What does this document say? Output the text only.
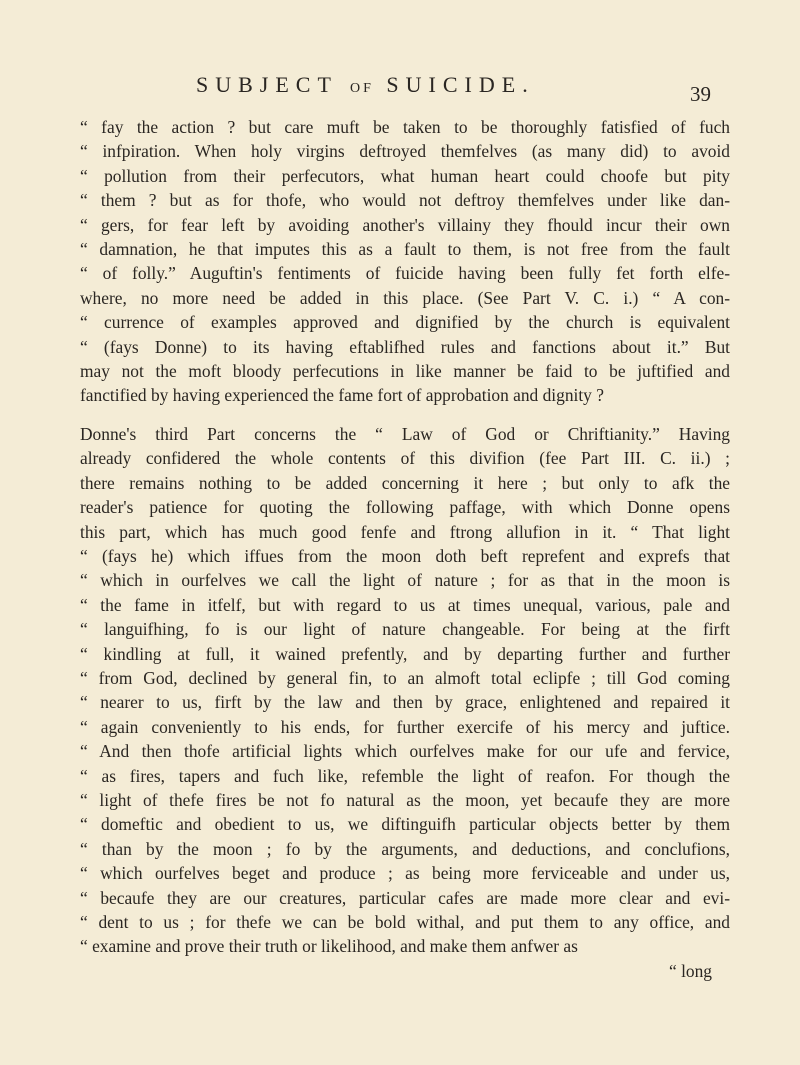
SUBJECT OF SUICIDE.	39
“ fay the action ? but care muft be taken to be thoroughly fatisfied of fuch
“ infpiration. When holy virgins deftroyed themfelves (as many did) to avoid
“ pollution from their perfecutors, what human heart could choofe but pity
“ them ? but as for thofe, who would not deftroy themfelves under like dan-
“ gers, for fear left by avoiding another's villainy they fhould incur their own
“ damnation, he that imputes this as a fault to them, is not free from the fault
“ of folly.” Auguftin's fentiments of fuicide having been fully fet forth elfe-
where, no more need be added in this place. (See Part V. C. i.) “ A con-
“ currence of examples approved and dignified by the church is equivalent
“ (fays Donne) to its having eftablifhed rules and fanctions about it.” But
may not the moft bloody perfecutions in like manner be faid to be juftified and
fanctified by having experienced the fame fort of approbation and dignity ?
Donne's third Part concerns the “ Law of God or Chriftianity.” Having
already confidered the whole contents of this divifion (fee Part III. C. ii.) ;
there remains nothing to be added concerning it here ; but only to afk the
reader's patience for quoting the following paffage, with which Donne opens
this part, which has much good fenfe and ftrong allufion in it. “ That light
“ (fays he) which iffues from the moon doth beft reprefent and exprefs that
“ which in ourfelves we call the light of nature ; for as that in the moon is
“ the fame in itfelf, but with regard to us at times unequal, various, pale and
“ languifhing, fo is our light of nature changeable. For being at the firft
“ kindling at full, it wained prefently, and by departing further and further
“ from God, declined by general fin, to an almoft total eclipfe ; till God coming
“ nearer to us, firft by the law and then by grace, enlightened and repaired it
“ again conveniently to his ends, for further exercife of his mercy and juftice.
“ And then thofe artificial lights which ourfelves make for our ufe and fervice,
“ as fires, tapers and fuch like, refemble the light of reafon. For though the
“ light of thefe fires be not fo natural as the moon, yet becaufe they are more
“ domeftic and obedient to us, we diftinguifh particular objects better by them
“ than by the moon ; fo by the arguments, and deductions, and conclufions,
“ which ourfelves beget and produce ; as being more ferviceable and under us,
“ becaufe they are our creatures, particular cafes are made more clear and evi-
“ dent to us ; for thefe we can be bold withal, and put them to any office, and
“ examine and prove their truth or likelihood, and make them anfwer as
“ long
